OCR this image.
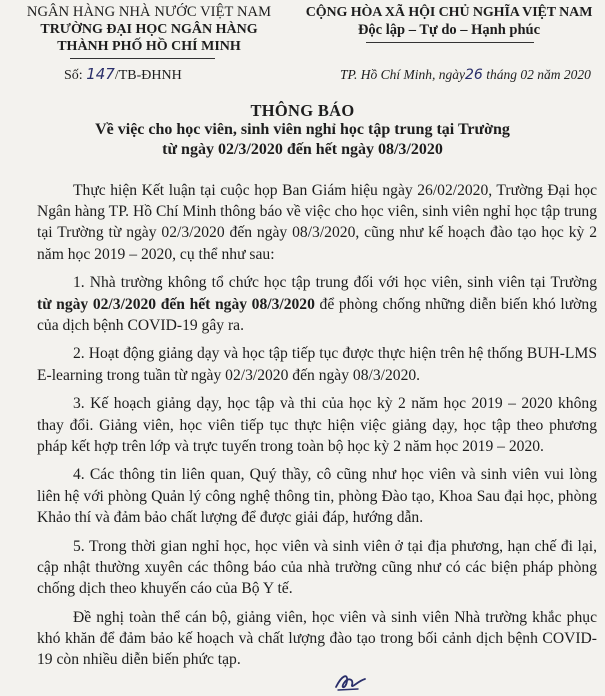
NGÂN HÀNG NHÀ NƯỚC VIỆT NAM
TRƯỜNG ĐẠI HỌC NGÂN HÀNG
THÀNH PHỐ HỒ CHÍ MINH
CỘNG HÒA XÃ HỘI CHỦ NGHĨA VIỆT NAM
Độc lập – Tự do – Hạnh phúc
Số: 147/TB-ĐHNH	TP. Hồ Chí Minh, ngày26 tháng 02 năm 2020
THÔNG BÁO
Về việc cho học viên, sinh viên nghỉ học tập trung tại Trường
từ ngày 02/3/2020 đến hết ngày 08/3/2020

Thực hiện Kết luận tại cuộc họp Ban Giám hiệu ngày 26/02/2020, Trường Đại học Ngân hàng TP. Hồ Chí Minh thông báo về việc cho học viên, sinh viên nghỉ học tập trung tại Trường từ ngày 02/3/2020 đến ngày 08/3/2020, cũng như kế hoạch đào tạo học kỳ 2 năm học 2019 – 2020, cụ thể như sau:

1. Nhà trường không tổ chức học tập trung đối với học viên, sinh viên tại Trường từ ngày 02/3/2020 đến hết ngày 08/3/2020 để phòng chống những diễn biến khó lường của dịch bệnh COVID-19 gây ra.

2. Hoạt động giảng dạy và học tập tiếp tục được thực hiện trên hệ thống BUH-LMS E-learning trong tuần từ ngày 02/3/2020 đến ngày 08/3/2020.

3. Kế hoạch giảng dạy, học tập và thi của học kỳ 2 năm học 2019 – 2020 không thay đổi. Giảng viên, học viên tiếp tục thực hiện việc giảng dạy, học tập theo phương pháp kết hợp trên lớp và trực tuyến trong toàn bộ học kỳ 2 năm học 2019 – 2020.

4. Các thông tin liên quan, Quý thầy, cô cũng như học viên và sinh viên vui lòng liên hệ với phòng Quản lý công nghệ thông tin, phòng Đào tạo, Khoa Sau đại học, phòng Khảo thí và đảm bảo chất lượng để được giải đáp, hướng dẫn.

5. Trong thời gian nghỉ học, học viên và sinh viên ở tại địa phương, hạn chế đi lại, cập nhật thường xuyên các thông báo của nhà trường cũng như có các biện pháp phòng chống dịch theo khuyến cáo của Bộ Y tế.

Đề nghị toàn thể cán bộ, giảng viên, học viên và sinh viên Nhà trường khắc phục khó khăn để đảm bảo kế hoạch và chất lượng đào tạo trong bối cảnh dịch bệnh COVID-19 còn nhiều diễn biến phức tạp.
